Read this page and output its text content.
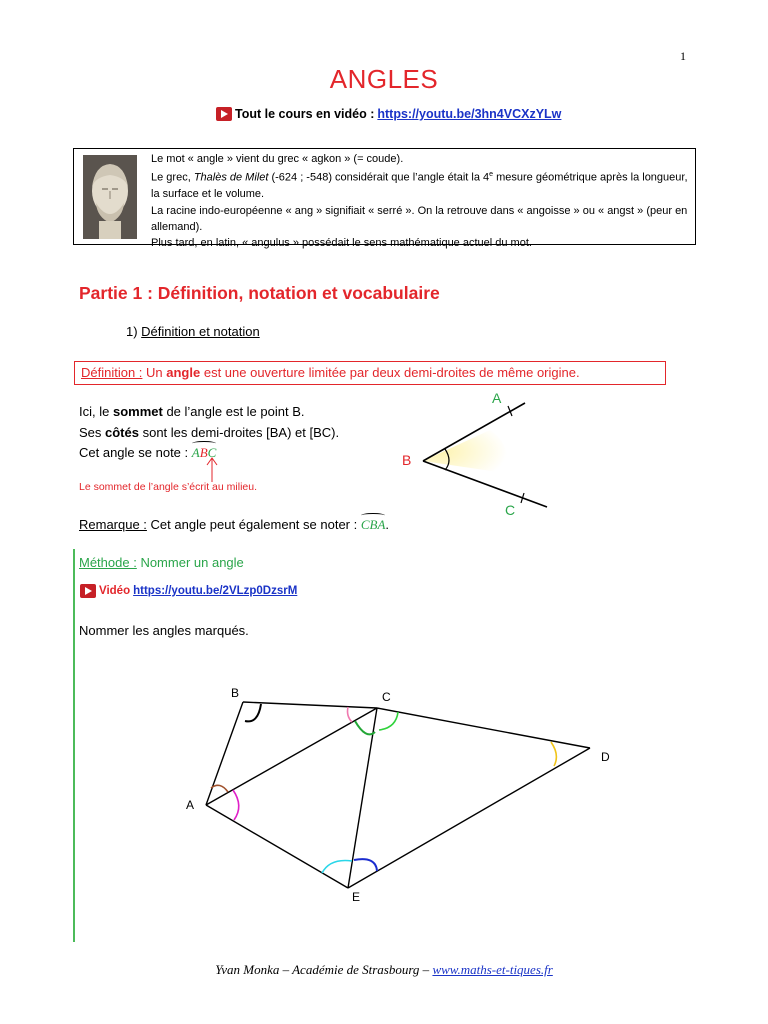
1
ANGLES
Tout le cours en vidéo : https://youtu.be/3hn4VCXzYLw
Le mot « angle » vient du grec « agkon » (= coude).
Le grec, Thalès de Milet (-624 ; -548) considérait que l’angle était la 4e mesure géométrique après la longueur, la surface et le volume.
La racine indo-européenne « ang » signifiait « serré ». On la retrouve dans « angoisse » ou « angst » (peur en allemand).
Plus tard, en latin, « angulus » possédait le sens mathématique actuel du mot.
Partie 1 : Définition, notation et vocabulaire
1) Définition et notation
Définition : Un angle est une ouverture limitée par deux demi-droites de même origine.
Ici, le sommet de l’angle est le point B.
Ses côtés sont les demi-droites [BA) et [BC).
Cet angle se note : ABC
Le sommet de l’angle s’écrit au milieu.
Remarque : Cet angle peut également se noter : CBA.
A
B
C
Méthode : Nommer un angle
Vidéo https://youtu.be/2VLzp0DzsrM
Nommer les angles marqués.
A
B	C
D
E
Yvan Monka – Académie de Strasbourg – www.maths-et-tiques.fr
